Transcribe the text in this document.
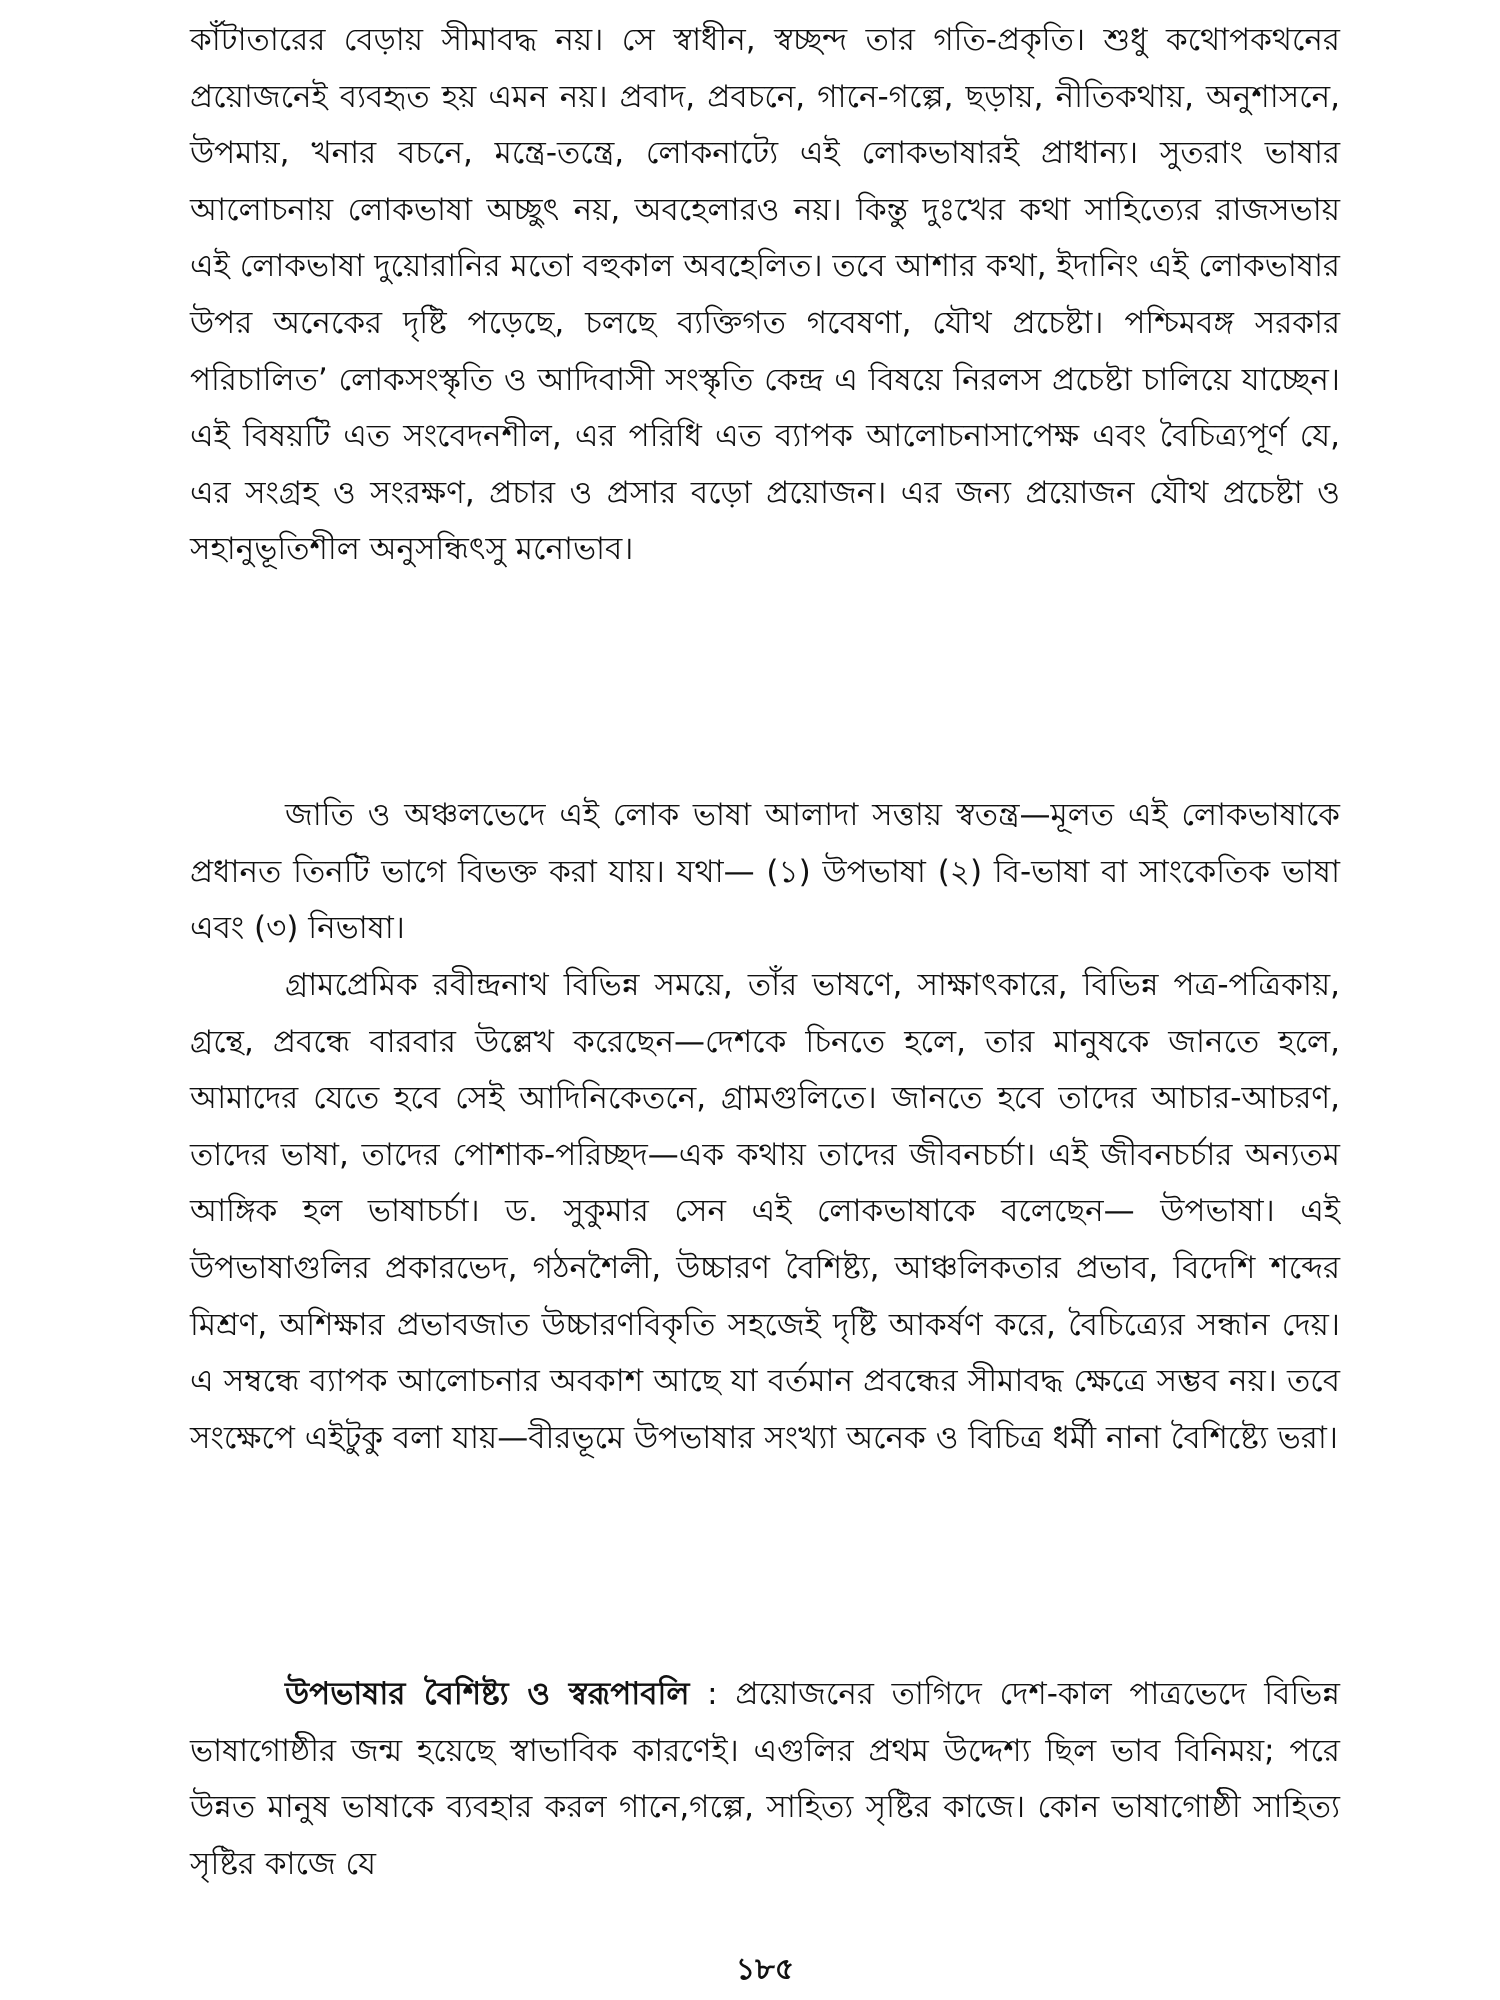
কাঁটাতারের বেড়ায় সীমাবদ্ধ নয়। সে স্বাধীন, স্বচ্ছন্দ তার গতি-প্রকৃতি। শুধু কথোপকথনের প্রয়োজনেই ব্যবহৃত হয় এমন নয়। প্রবাদ, প্রবচনে, গানে-গল্পে, ছড়ায়, নীতিকথায়, অনুশাসনে, উপমায়, খনার বচনে, মন্ত্রে-তন্ত্রে, লোকনাট্যে এই লোকভাষারই প্রাধান্য। সুতরাং ভাষার আলোচনায় লোকভাষা অচ্ছুৎ নয়, অবহেলারও নয়। কিন্তু দুঃখের কথা সাহিত্যের রাজসভায় এই লোকভাষা দুয়োরানির মতো বহুকাল অবহেলিত। তবে আশার কথা, ইদানিং এই লোকভাষার উপর অনেকের দৃষ্টি পড়েছে, চলছে ব্যক্তিগত গবেষণা, যৌথ প্রচেষ্টা। পশ্চিমবঙ্গ সরকার পরিচালিত’ লোকসংস্কৃতি ও আদিবাসী সংস্কৃতি কেন্দ্র এ বিষয়ে নিরলস প্রচেষ্টা চালিয়ে যাচ্ছেন। এই বিষয়টি এত সংবেদনশীল, এর পরিধি এত ব্যাপক আলোচনাসাপেক্ষ এবং বৈচিত্র্যপূর্ণ যে, এর সংগ্রহ ও সংরক্ষণ, প্রচার ও প্রসার বড়ো প্রয়োজন। এর জন্য প্রয়োজন যৌথ প্রচেষ্টা ও সহানুভূতিশীল অনুসন্ধিৎসু মনোভাব।

জাতি ও অঞ্চলভেদে এই লোক ভাষা আলাদা সত্তায় স্বতন্ত্র—মূলত এই লোকভাষাকে প্রধানত তিনটি ভাগে বিভক্ত করা যায়। যথা— (১) উপভাষা (২) বি-ভাষা বা সাংকেতিক ভাষা এবং (৩) নিভাষা।

গ্রামপ্রেমিক রবীন্দ্রনাথ বিভিন্ন সময়ে, তাঁর ভাষণে, সাক্ষাৎকারে, বিভিন্ন পত্র-পত্রিকায়, গ্রন্থে, প্রবন্ধে বারবার উল্লেখ করেছেন—দেশকে চিনতে হলে, তার মানুষকে জানতে হলে, আমাদের যেতে হবে সেই আদিনিকেতনে, গ্রামগুলিতে। জানতে হবে তাদের আচার-আচরণ, তাদের ভাষা, তাদের পোশাক-পরিচ্ছদ—এক কথায় তাদের জীবনচর্চা। এই জীবনচর্চার অন্যতম আঙ্গিক হল ভাষাচর্চা। ড. সুকুমার সেন এই লোকভাষাকে বলেছেন— উপভাষা। এই উপভাষাগুলির প্রকারভেদ, গঠনশৈলী, উচ্চারণ বৈশিষ্ট্য, আঞ্চলিকতার প্রভাব, বিদেশি শব্দের মিশ্রণ, অশিক্ষার প্রভাবজাত উচ্চারণবিকৃতি সহজেই দৃষ্টি আকর্ষণ করে, বৈচিত্র্যের সন্ধান দেয়। এ সম্বন্ধে ব্যাপক আলোচনার অবকাশ আছে যা বর্তমান প্রবন্ধের সীমাবদ্ধ ক্ষেত্রে সম্ভব নয়। তবে সংক্ষেপে এইটুকু বলা যায়—বীরভূমে উপভাষার সংখ্যা অনেক ও বিচিত্র ধর্মী নানা বৈশিষ্ট্যে ভরা।

উপভাষার বৈশিষ্ট্য ও স্বরূপাবলি : প্রয়োজনের তাগিদে দেশ-কাল পাত্রভেদে বিভিন্ন ভাষাগোষ্ঠীর জন্ম হয়েছে স্বাভাবিক কারণেই। এগুলির প্রথম উদ্দেশ্য ছিল ভাব বিনিময়; পরে উন্নত মানুষ ভাষাকে ব্যবহার করল গানে,গল্পে, সাহিত্য সৃষ্টির কাজে। কোন ভাষাগোষ্ঠী সাহিত্য সৃষ্টির কাজে যে

১৮৫
